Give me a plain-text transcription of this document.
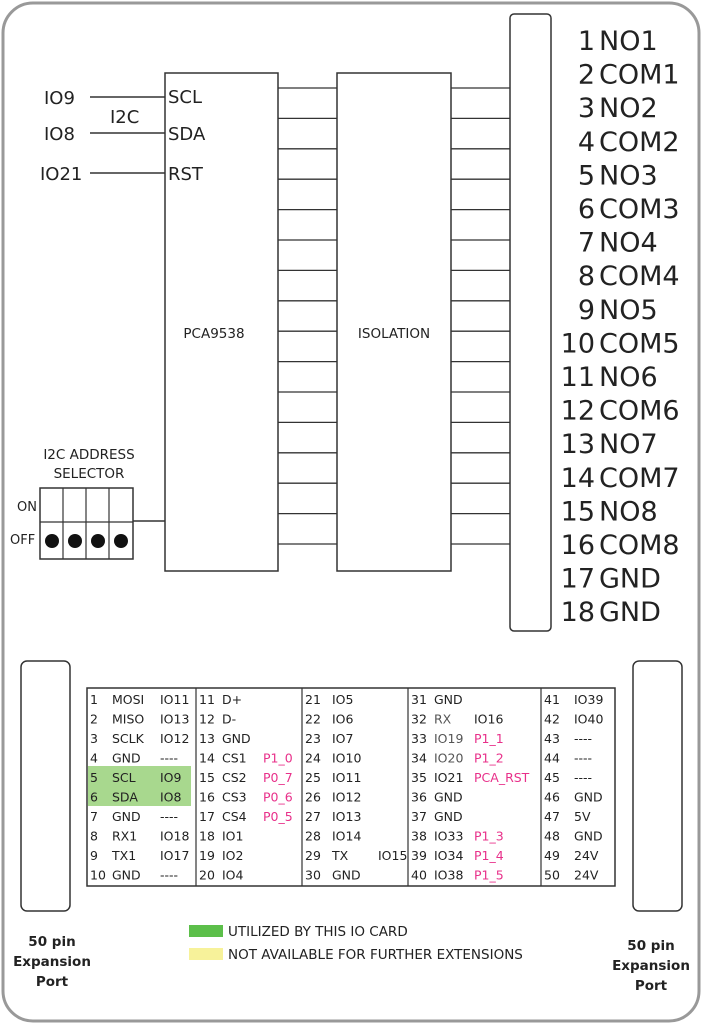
IO9
I2C
IO8
IO21
SCL
SDA
RST
PCA9538	ISOLATION
1 NO1
2 COM1
3 NO2
4 COM2
5 NO3
6 COM3
7 NO4
8 COM4
9 NO5
10 COM5
11 NO6
12 COM6
13 NO7
14 COM7
15 NO8
16 COM8
17 GND
18 GND
I2C ADDRESS
SELECTOR
ON
OFF
50 pin
Expansion
Port
50 pin
Expansion
Port
1 MOSI IO11
2 MISO IO13
3 SCLK IO12
4 GND ----
5 SCL IO9
6 SDA IO8
7 GND ----
8 RX1 IO18
9 TX1 IO17
10 GND ----
11 D+
12 D-
13 GND
14 CS1 P1_0
15 CS2 P0_7
16 CS3 P0_6
17 CS4 P0_5
18 IO1
19 IO2
20 IO4
21 IO5
22 IO6
23 IO7
24 IO10
25 IO11
26 IO12
27 IO13
28 IO14
29 TX IO15
30 GND
31 GND
32 RX IO16
33 IO19 P1_1
34 IO20 P1_2
35 IO21 PCA_RST
36 GND
37 GND
38 IO33 P1_3
39 IO34 P1_4
40 IO38 P1_5
41 IO39
42 IO40
43 ----
44 ----
45 ----
46 GND
47 5V
48 GND
49 24V
50 24V
UTILIZED BY THIS IO CARD
NOT AVAILABLE FOR FURTHER EXTENSIONS
